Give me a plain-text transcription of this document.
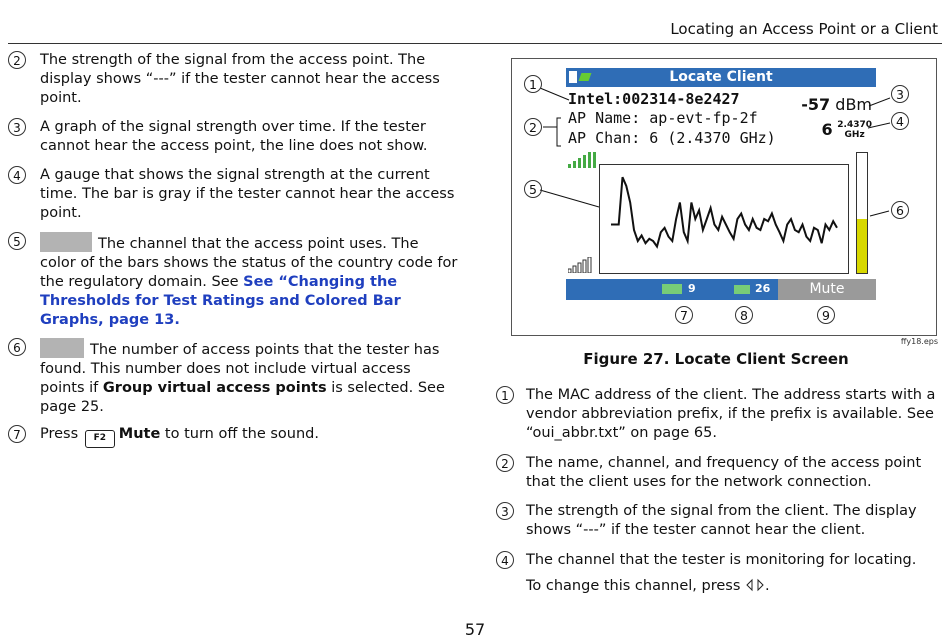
Locating an Access Point or a Client
2	The strength of the signal from the access point. The display shows “---” if the tester cannot hear the access point.
3	A graph of the signal strength over time. If the tester cannot hear the access point, the line does not show.
4	A gauge that shows the signal strength at the current time. The bar is gray if the tester cannot hear the access point.
5	The channel that the access point uses. The color of the bars shows the status of the country code for the regulatory domain. See See “Changing the Thresholds for Test Ratings and Colored Bar Graphs, page 13.
6	The number of access points that the tester has found. This number does not include virtual access points if Group virtual access points is selected. See page 25.
7	Press F2 Mute to turn off the sound.
Locate Client
Intel:002314-8e2427
AP Name: ap-evt-fp-2f
AP Chan: 6 (2.4370 GHz)
-57 dBm
6 2.4370
GHz
9	26	Mute
1
2
3
4
5
6
7	8	9
ffy18.eps
Figure 27. Locate Client Screen
1	The MAC address of the client. The address starts with a vendor abbreviation prefix, if the prefix is available. See “oui_abbr.txt” on page 65.
2	The name, channel, and frequency of the access point that the client uses for the network connection.
3	The strength of the signal from the client. The display shows “---” if the tester cannot hear the client.
4	The channel that the tester is monitoring for locating.
To change this channel, press .
57
